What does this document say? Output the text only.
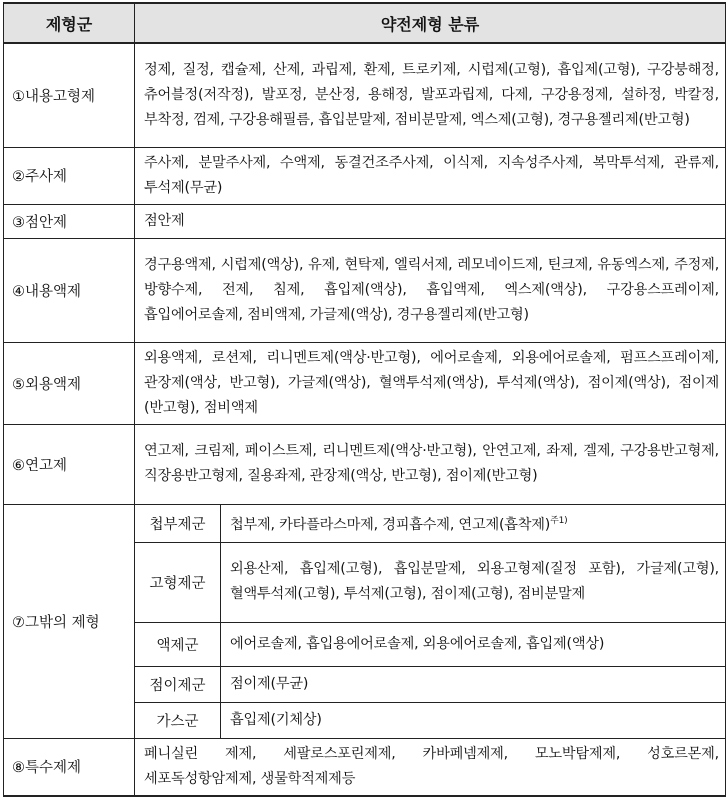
제형군	약전제형 분류	
①내용고형제	정제, 질정, 캡슐제, 산제, 과립제, 환제, 트로키제, 시럽제(고형), 흡입제(고형), 구강붕해정, 츄어블정(저작정), 발포정, 분산정, 용해정, 발포과립제, 다제, 구강용정제, 설하정, 박칼정, 부착정, 껌제, 구강용해필름, 흡입분말제, 점비분말제, 엑스제(고형), 경구용젤리제(반고형)	
②주사제	주사제, 분말주사제, 수액제, 동결건조주사제, 이식제, 지속성주사제, 복막투석제, 관류제, 투석제(무균)	
③점안제	점안제	
④내용액제	경구용액제, 시럽제(액상), 유제, 현탁제, 엘릭서제, 레모네이드제, 틴크제, 유동엑스제, 주정제, 방향수제, 전제, 침제, 흡입제(액상), 흡입액제, 엑스제(액상), 구강용스프레이제, 흡입에어로솔제, 점비액제, 가글제(액상), 경구용젤리제(반고형)	
⑤외용액제	외용액제, 로션제, 리니멘트제(액상·반고형), 에어로솔제, 외용에어로솔제, 펌프스프레이제, 관장제(액상, 반고형), 가글제(액상), 혈액투석제(액상), 투석제(액상), 점이제(액상), 점이제(반고형), 점비액제	
⑥연고제	연고제, 크림제, 페이스트제, 리니멘트제(액상·반고형), 안연고제, 좌제, 겔제, 구강용반고형제, 직장용반고형제, 질용좌제, 관장제(액상, 반고형), 점이제(반고형)	
⑦그밖의 제형	첩부제군	첩부제, 카타플라스마제, 경피흡수제, 연고제(흡착제)$^{주1)}$
	고형제군	외용산제, 흡입제(고형), 흡입분말제, 외용고형제(질정 포함), 가글제(고형), 혈액투석제(고형), 투석제(고형), 점이제(고형), 점비분말제
	액제군	에어로솔제, 흡입용에어로솔제, 외용에어로솔제, 흡입제(액상)
	점이제군	점이제(무균)
	가스군	흡입제(기체상)
⑧특수제제	페니실린 제제, 세팔로스포린제제, 카바페넴제제, 모노박탐제제, 성호르몬제, 세포독성항암제제, 생물학적제제등	
